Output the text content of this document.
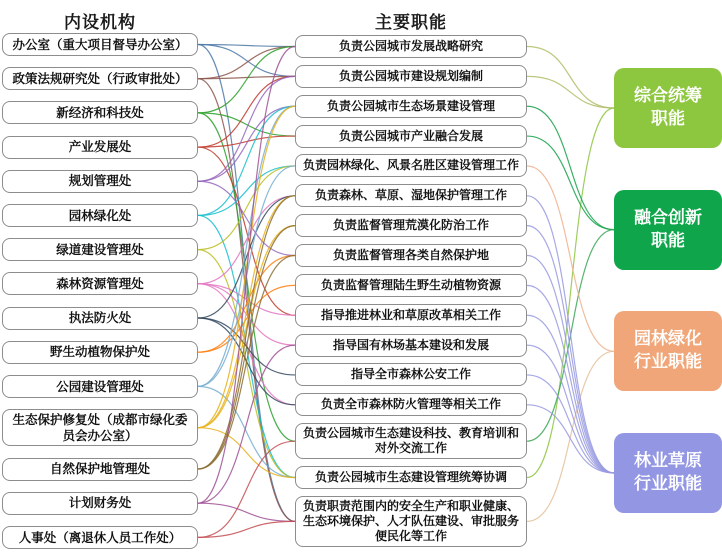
内设机构	主要职能
办公室（重大项目督导办公室）
政策法规研究处（行政审批处）
新经济和科技处
产业发展处
规划管理处
园林绿化处
绿道建设管理处
森林资源管理处
执法防火处
野生动植物保护处
公园建设管理处
生态保护修复处（成都市绿化委员会办公室）
自然保护地管理处
计划财务处
人事处（离退休人员工作处）
负责公园城市发展战略研究
负责公园城市建设规划编制
负责公园城市生态场景建设管理
负责公园城市产业融合发展
负责园林绿化、风景名胜区建设管理工作
负责森林、草原、湿地保护管理工作
负责监督管理荒漠化防治工作
负责监督管理各类自然保护地
负责监督管理陆生野生动植物资源
指导推进林业和草原改革相关工作
指导国有林场基本建设和发展
指导全市森林公安工作
负责全市森林防火管理等相关工作
负责公园城市生态建设科技、教育培训和对外交流工作
负责公园城市生态建设管理统筹协调
负责职责范围内的安全生产和职业健康、生态环境保护、人才队伍建设、审批服务便民化等工作
综合统筹职能
融合创新职能
园林绿化行业职能
林业草原行业职能
